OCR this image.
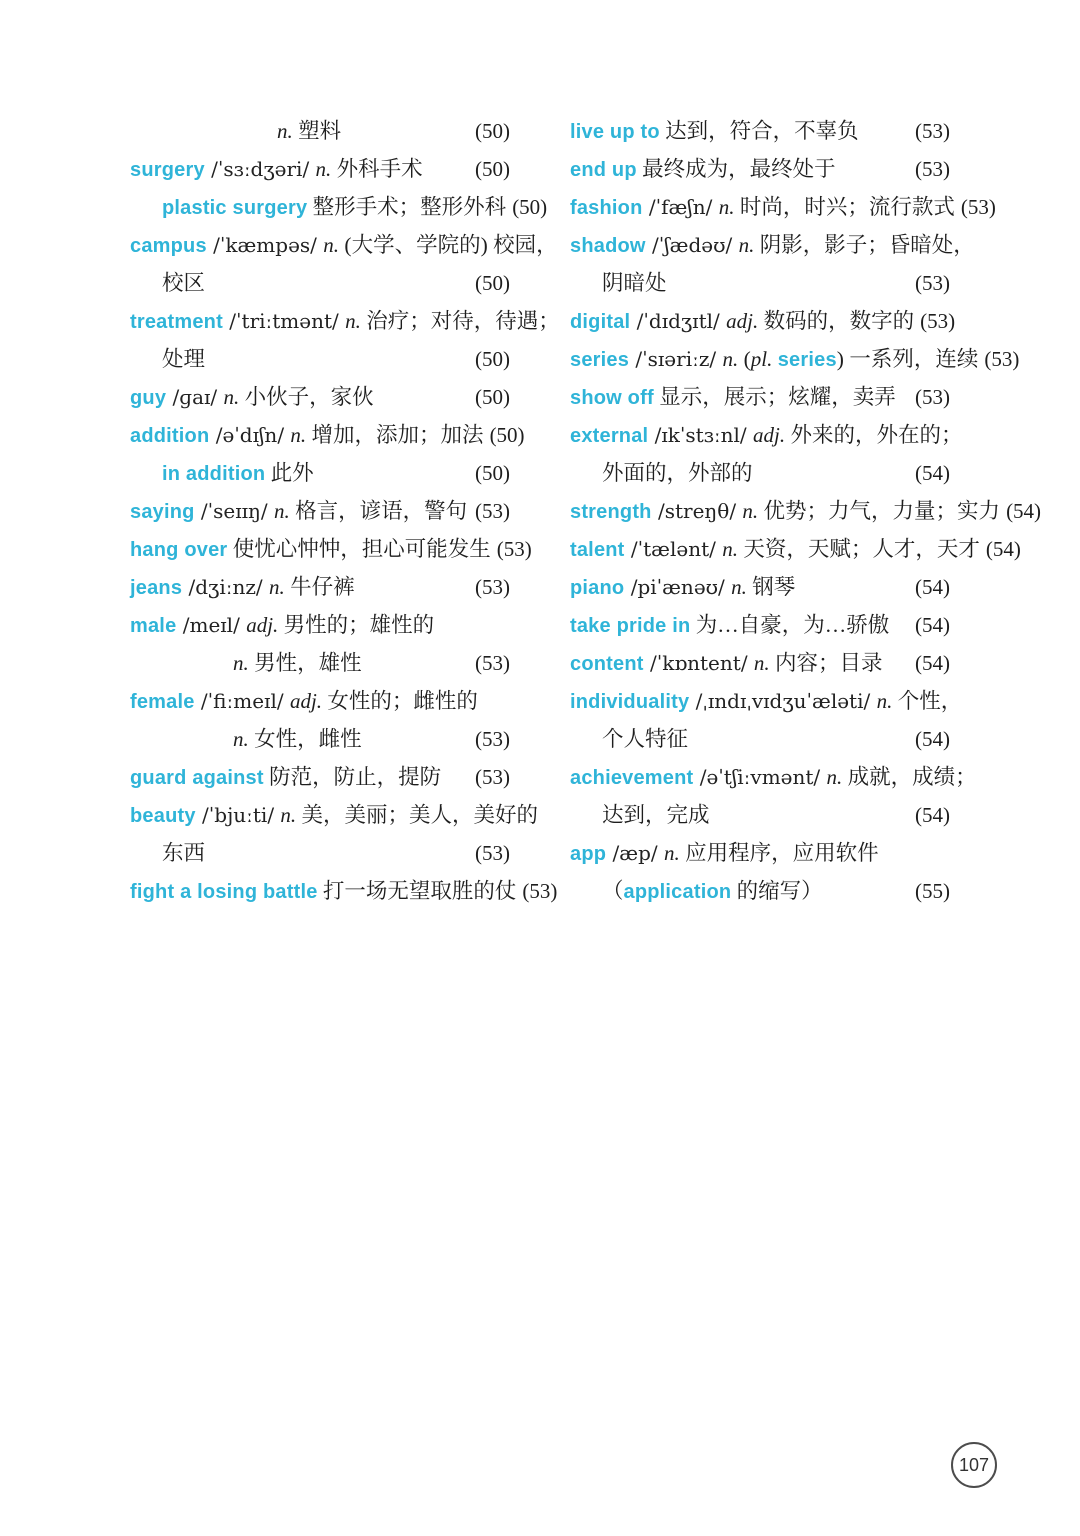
n. 塑料	(50)
surgery /ˈsɜːdʒəri/ n. 外科手术 (50)
plastic surgery 整形手术；整形外科 (50)
campus /ˈkæmpəs/ n. (大学、学院的) 校园，
校区	(50)
treatment /ˈtriːtmənt/ n. 治疗；对待，待遇；
处理	(50)
guy /ɡaɪ/ n. 小伙子，家伙	(50)
addition /əˈdɪʃn/ n. 增加，添加；加法 (50)
in addition 此外	(50)
saying /ˈseɪɪŋ/ n. 格言，谚语，警句 (53)
hang over 使忧心忡忡，担心可能发生 (53)
jeans /dʒiːnz/ n. 牛仔裤	(53)
male /meɪl/ adj. 男性的；雄性的
n. 男性，雄性	(53)
female /ˈfiːmeɪl/ adj. 女性的；雌性的
n. 女性，雌性	(53)
guard against 防范，防止，提防 (53)
beauty /ˈbjuːti/ n. 美，美丽；美人，美好的
东西	(53)
fight a losing battle 打一场无望取胜的仗 (53)
live up to 达到，符合，不辜负	(53)
end up 最终成为，最终处于	(53)
fashion /ˈfæʃn/ n. 时尚，时兴；流行款式 (53)
shadow /ˈʃædəʊ/ n. 阴影，影子；昏暗处，
阴暗处	(53)
digital /ˈdɪdʒɪtl/ adj. 数码的，数字的 (53)
series /ˈsɪəriːz/ n. (pl. series) 一系列，连续 (53)
show off 显示，展示；炫耀，卖弄 (53)
external /ɪkˈstɜːnl/ adj. 外来的，外在的；
外面的，外部的	(54)
strength /streŋθ/ n. 优势；力气，力量；实力 (54)
talent /ˈtælənt/ n. 天资，天赋；人才，天才 (54)
piano /piˈænəʊ/ n. 钢琴	(54)
take pride in 为…自豪，为…骄傲 (54)
content /ˈkɒntent/ n. 内容；目录 (54)
individuality /ˌɪndɪˌvɪdʒuˈæləti/ n. 个性，
个人特征	(54)
achievement /əˈtʃiːvmənt/ n. 成就，成绩；
达到，完成	(54)
app /æp/ n. 应用程序，应用软件
（application 的缩写）	(55)
107
